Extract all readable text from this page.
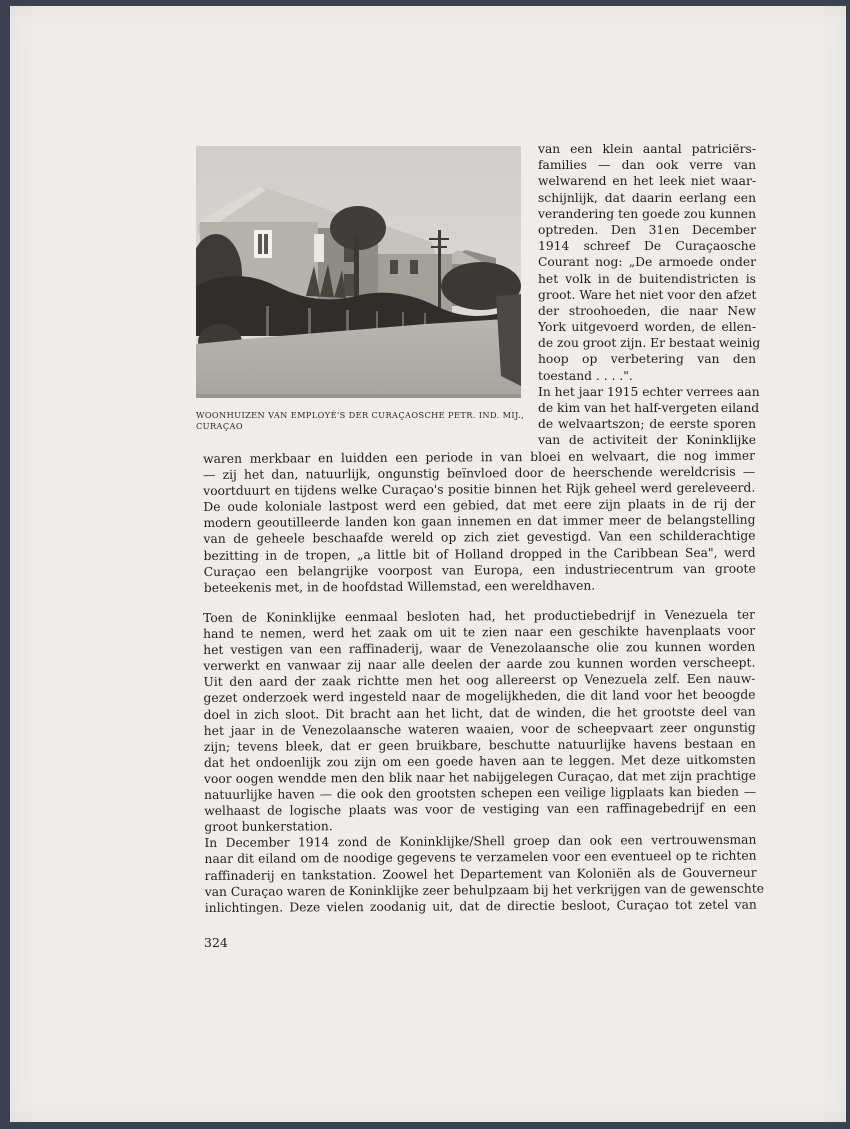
WOONHUIZEN VAN EMPLOYÉ'S DER CURAÇAOSCHE PETR. IND. MIJ.,
CURAÇAO
van een klein aantal patriciërs-
families — dan ook verre van
welwarend en het leek niet waar-
schijnlijk, dat daarin eerlang een
verandering ten goede zou kunnen
optreden. Den 31en December
1914 schreef De Curaçaosche
Courant nog: „De armoede onder
het volk in de buitendistricten is
groot. Ware het niet voor den afzet
der stroohoeden, die naar New
York uitgevoerd worden, de ellen-
de zou groot zijn. Er bestaat weinig
hoop op verbetering van den
toestand . . . .".
In het jaar 1915 echter verrees aan
de kim van het half-vergeten eiland
de welvaartszon; de eerste sporen
van de activiteit der Koninklijke
waren merkbaar en luidden een periode in van bloei en welvaart, die nog immer
— zij het dan, natuurlijk, ongunstig beïnvloed door de heerschende wereldcrisis —
voortduurt en tijdens welke Curaçao's positie binnen het Rijk geheel werd gereleveerd.
De oude koloniale lastpost werd een gebied, dat met eere zijn plaats in de rij der
modern geoutilleerde landen kon gaan innemen en dat immer meer de belangstelling
van de geheele beschaafde wereld op zich ziet gevestigd. Van een schilderachtige
bezitting in de tropen, „a little bit of Holland dropped in the Caribbean Sea", werd
Curaçao een belangrijke voorpost van Europa, een industriecentrum van groote
beteekenis met, in de hoofdstad Willemstad, een wereldhaven.
Toen de Koninklijke eenmaal besloten had, het productiebedrijf in Venezuela ter
hand te nemen, werd het zaak om uit te zien naar een geschikte havenplaats voor
het vestigen van een raffinaderij, waar de Venezolaansche olie zou kunnen worden
verwerkt en vanwaar zij naar alle deelen der aarde zou kunnen worden verscheept.
Uit den aard der zaak richtte men het oog allereerst op Venezuela zelf. Een nauw-
gezet onderzoek werd ingesteld naar de mogelijkheden, die dit land voor het beoogde
doel in zich sloot. Dit bracht aan het licht, dat de winden, die het grootste deel van
het jaar in de Venezolaansche wateren waaien, voor de scheepvaart zeer ongunstig
zijn; tevens bleek, dat er geen bruikbare, beschutte natuurlijke havens bestaan en
dat het ondoenlijk zou zijn om een goede haven aan te leggen. Met deze uitkomsten
voor oogen wendde men den blik naar het nabijgelegen Curaçao, dat met zijn prachtige
natuurlijke haven — die ook den grootsten schepen een veilige ligplaats kan bieden —
welhaast de logische plaats was voor de vestiging van een raffinagebedrijf en een
groot bunkerstation.
In December 1914 zond de Koninklijke/Shell groep dan ook een vertrouwensman
naar dit eiland om de noodige gegevens te verzamelen voor een eventueel op te richten
raffinaderij en tankstation. Zoowel het Departement van Koloniën als de Gouverneur
van Curaçao waren de Koninklijke zeer behulpzaam bij het verkrijgen van de gewenschte
inlichtingen. Deze vielen zoodanig uit, dat de directie besloot, Curaçao tot zetel van
324
